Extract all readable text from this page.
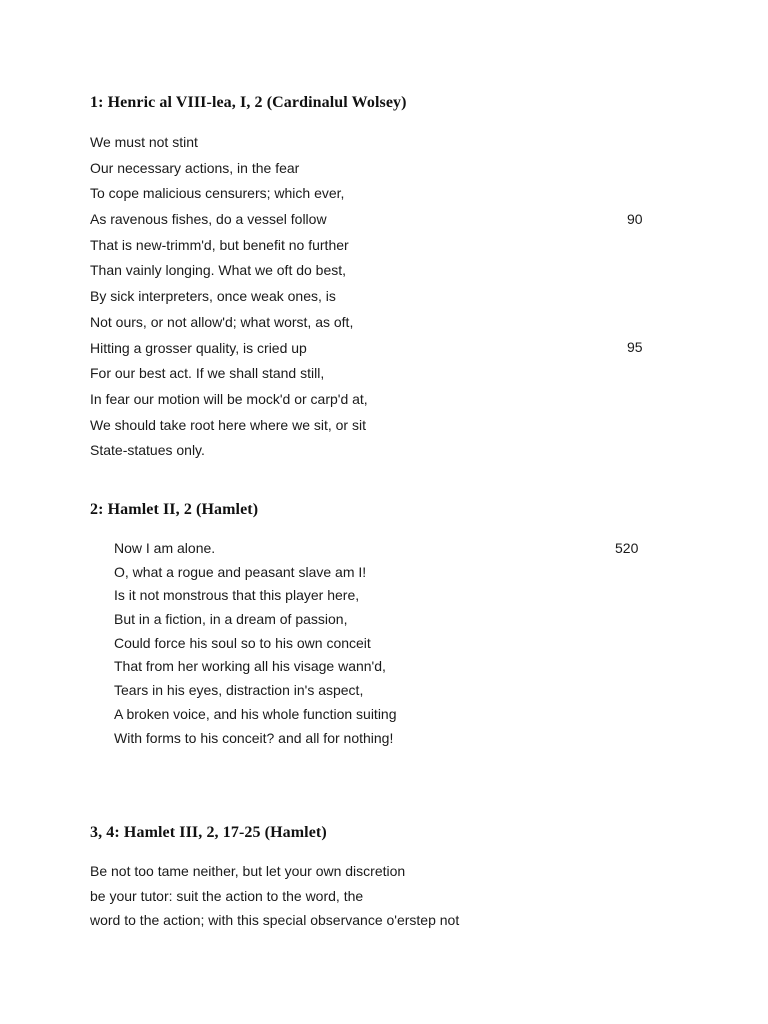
1: Henric al VIII-lea, I, 2 (Cardinalul Wolsey)
We must not stint
Our necessary actions, in the fear
To cope malicious censurers; which ever,
As ravenous fishes, do a vessel follow
That is new-trimm'd, but benefit no further
Than vainly longing. What we oft do best,
By sick interpreters, once weak ones, is
Not ours, or not allow'd; what worst, as oft,
Hitting a grosser quality, is cried up
For our best act. If we shall stand still,
In fear our motion will be mock'd or carp'd at,
We should take root here where we sit, or sit
State-statues only.
90
95
2: Hamlet II, 2 (Hamlet)
Now I am alone.
O, what a rogue and peasant slave am I!
Is it not monstrous that this player here,
But in a fiction, in a dream of passion,
Could force his soul so to his own conceit
That from her working all his visage wann'd,
Tears in his eyes, distraction in's aspect,
A broken voice, and his whole function suiting
With forms to his conceit? and all for nothing!
520
3, 4: Hamlet III, 2, 17-25 (Hamlet)
Be not too tame neither, but let your own discretion
be your tutor: suit the action to the word, the
word to the action; with this special observance o'erstep not
